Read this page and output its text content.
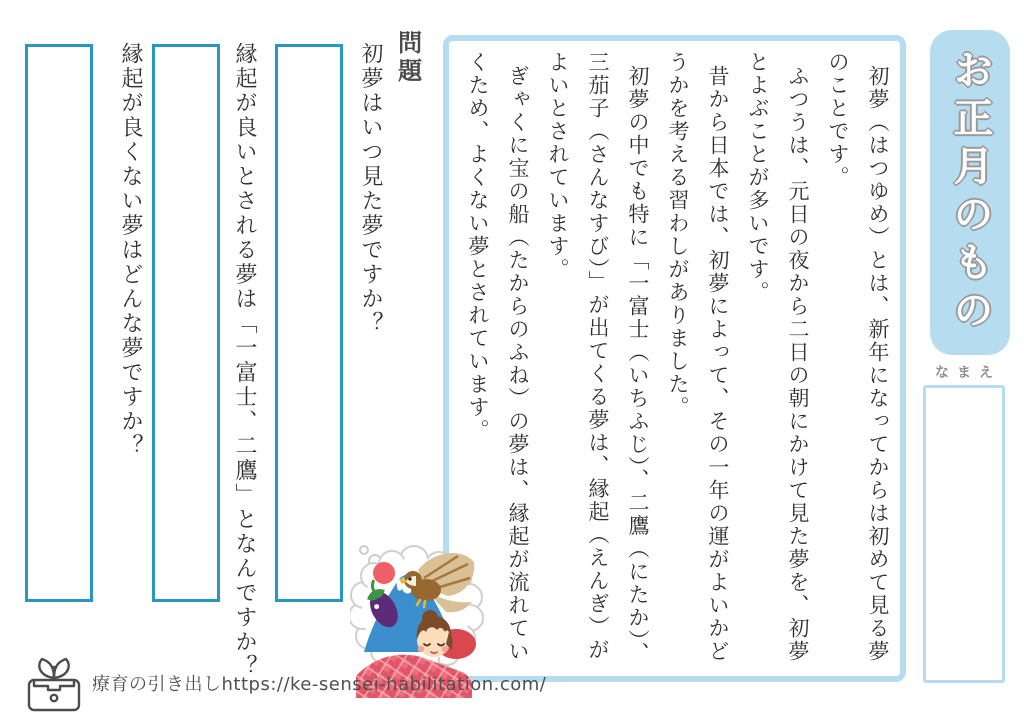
初夢（はつゆめ）とは、新年になってからは初めて見る夢のことです。

ふつうは、元日の夜から二日の朝にかけて見た夢を、初夢とよぶことが多いです。

昔から日本では、初夢によって、その一年の運がよいかどうかを考える習わしがありました。

初夢の中でも特に「一富士（いちふじ）、二鷹（にたか）、三茄子（さんなすび）」が出てくる夢は、縁起（えんぎ）がよいとされています。

ぎゃくに宝の船（たからのふね）の夢は、縁起が流れていくため、よくない夢とされています。	お正月のもの
なまえ
問題
初夢はいつ見た夢ですか？
縁起が良いとされる夢は「一富士、二鷹」となんですか？
縁起が良くない夢はどんな夢ですか？
療育の引き出しhttps://ke-sensei-habilitation.com/
